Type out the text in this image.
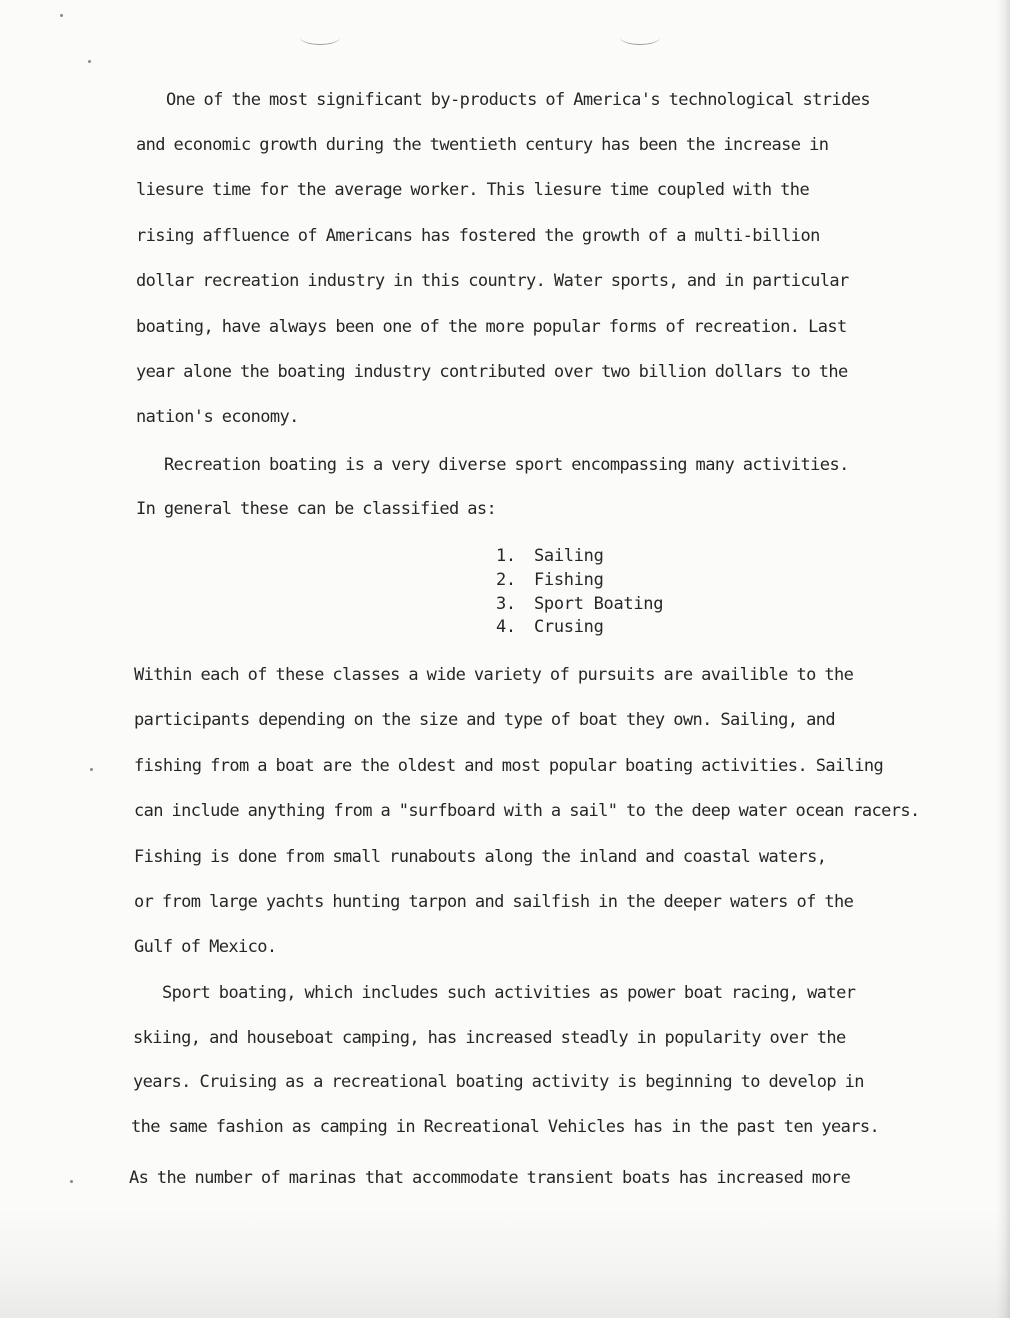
One of the most significant by-products of America's technological strides
and economic growth during the twentieth century has been the increase in
liesure time for the average worker. This liesure time coupled with the
rising affluence of Americans has fostered the growth of a multi-billion
dollar recreation industry in this country. Water sports, and in particular
boating, have always been one of the more popular forms of recreation. Last
year alone the boating industry contributed over two billion dollars to the
nation's economy.
Recreation boating is a very diverse sport encompassing many activities.
In general these can be classified as:
1. Sailing
2. Fishing
3. Sport Boating
4. Crusing
Within each of these classes a wide variety of pursuits are availible to the
participants depending on the size and type of boat they own. Sailing, and
fishing from a boat are the oldest and most popular boating activities. Sailing
can include anything from a "surfboard with a sail" to the deep water ocean racers.
Fishing is done from small runabouts along the inland and coastal waters,
or from large yachts hunting tarpon and sailfish in the deeper waters of the
Gulf of Mexico.
Sport boating, which includes such activities as power boat racing, water
skiing, and houseboat camping, has increased steadly in popularity over the
years. Cruising as a recreational boating activity is beginning to develop in
the same fashion as camping in Recreational Vehicles has in the past ten years.
As the number of marinas that accommodate transient boats has increased more
